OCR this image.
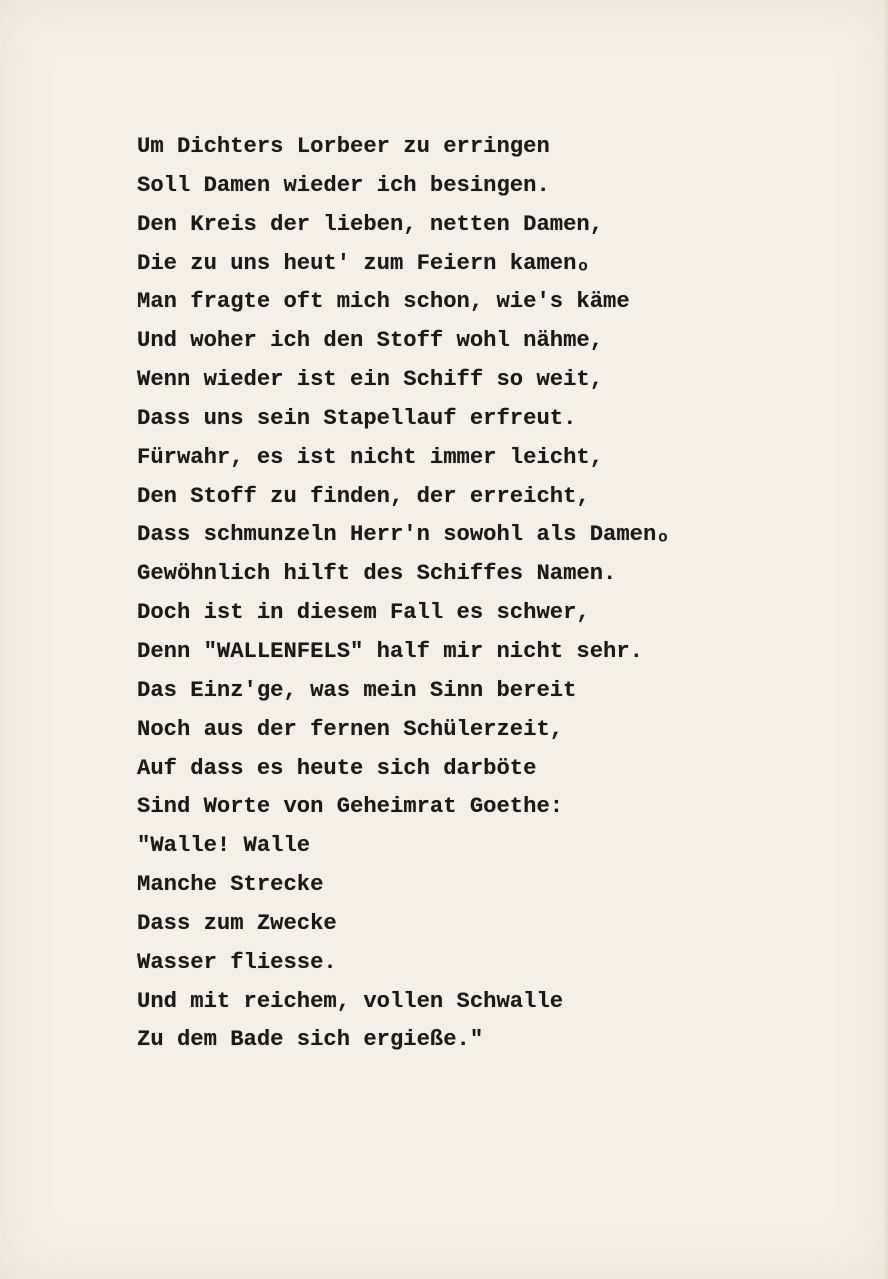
Um Dichters Lorbeer zu erringen
Soll Damen wieder ich besingen.
Den Kreis der lieben, netten Damen,
Die zu uns heut' zum Feiern kamenₒ
Man fragte oft mich schon, wie's käme
Und woher ich den Stoff wohl nähme,
Wenn wieder ist ein Schiff so weit,
Dass uns sein Stapellauf erfreut.
Fürwahr, es ist nicht immer leicht,
Den Stoff zu finden, der erreicht,
Dass schmunzeln Herr'n sowohl als Damenₒ
Gewöhnlich hilft des Schiffes Namen.
Doch ist in diesem Fall es schwer,
Denn "WALLENFELS" half mir nicht sehr.
Das Einz'ge, was mein Sinn bereit
Noch aus der fernen Schülerzeit,
Auf dass es heute sich darböte
Sind Worte von Geheimrat Goethe:
"Walle! Walle
Manche Strecke
Dass zum Zwecke
Wasser fliesse.
Und mit reichem, vollen Schwalle
Zu dem Bade sich ergieße."
